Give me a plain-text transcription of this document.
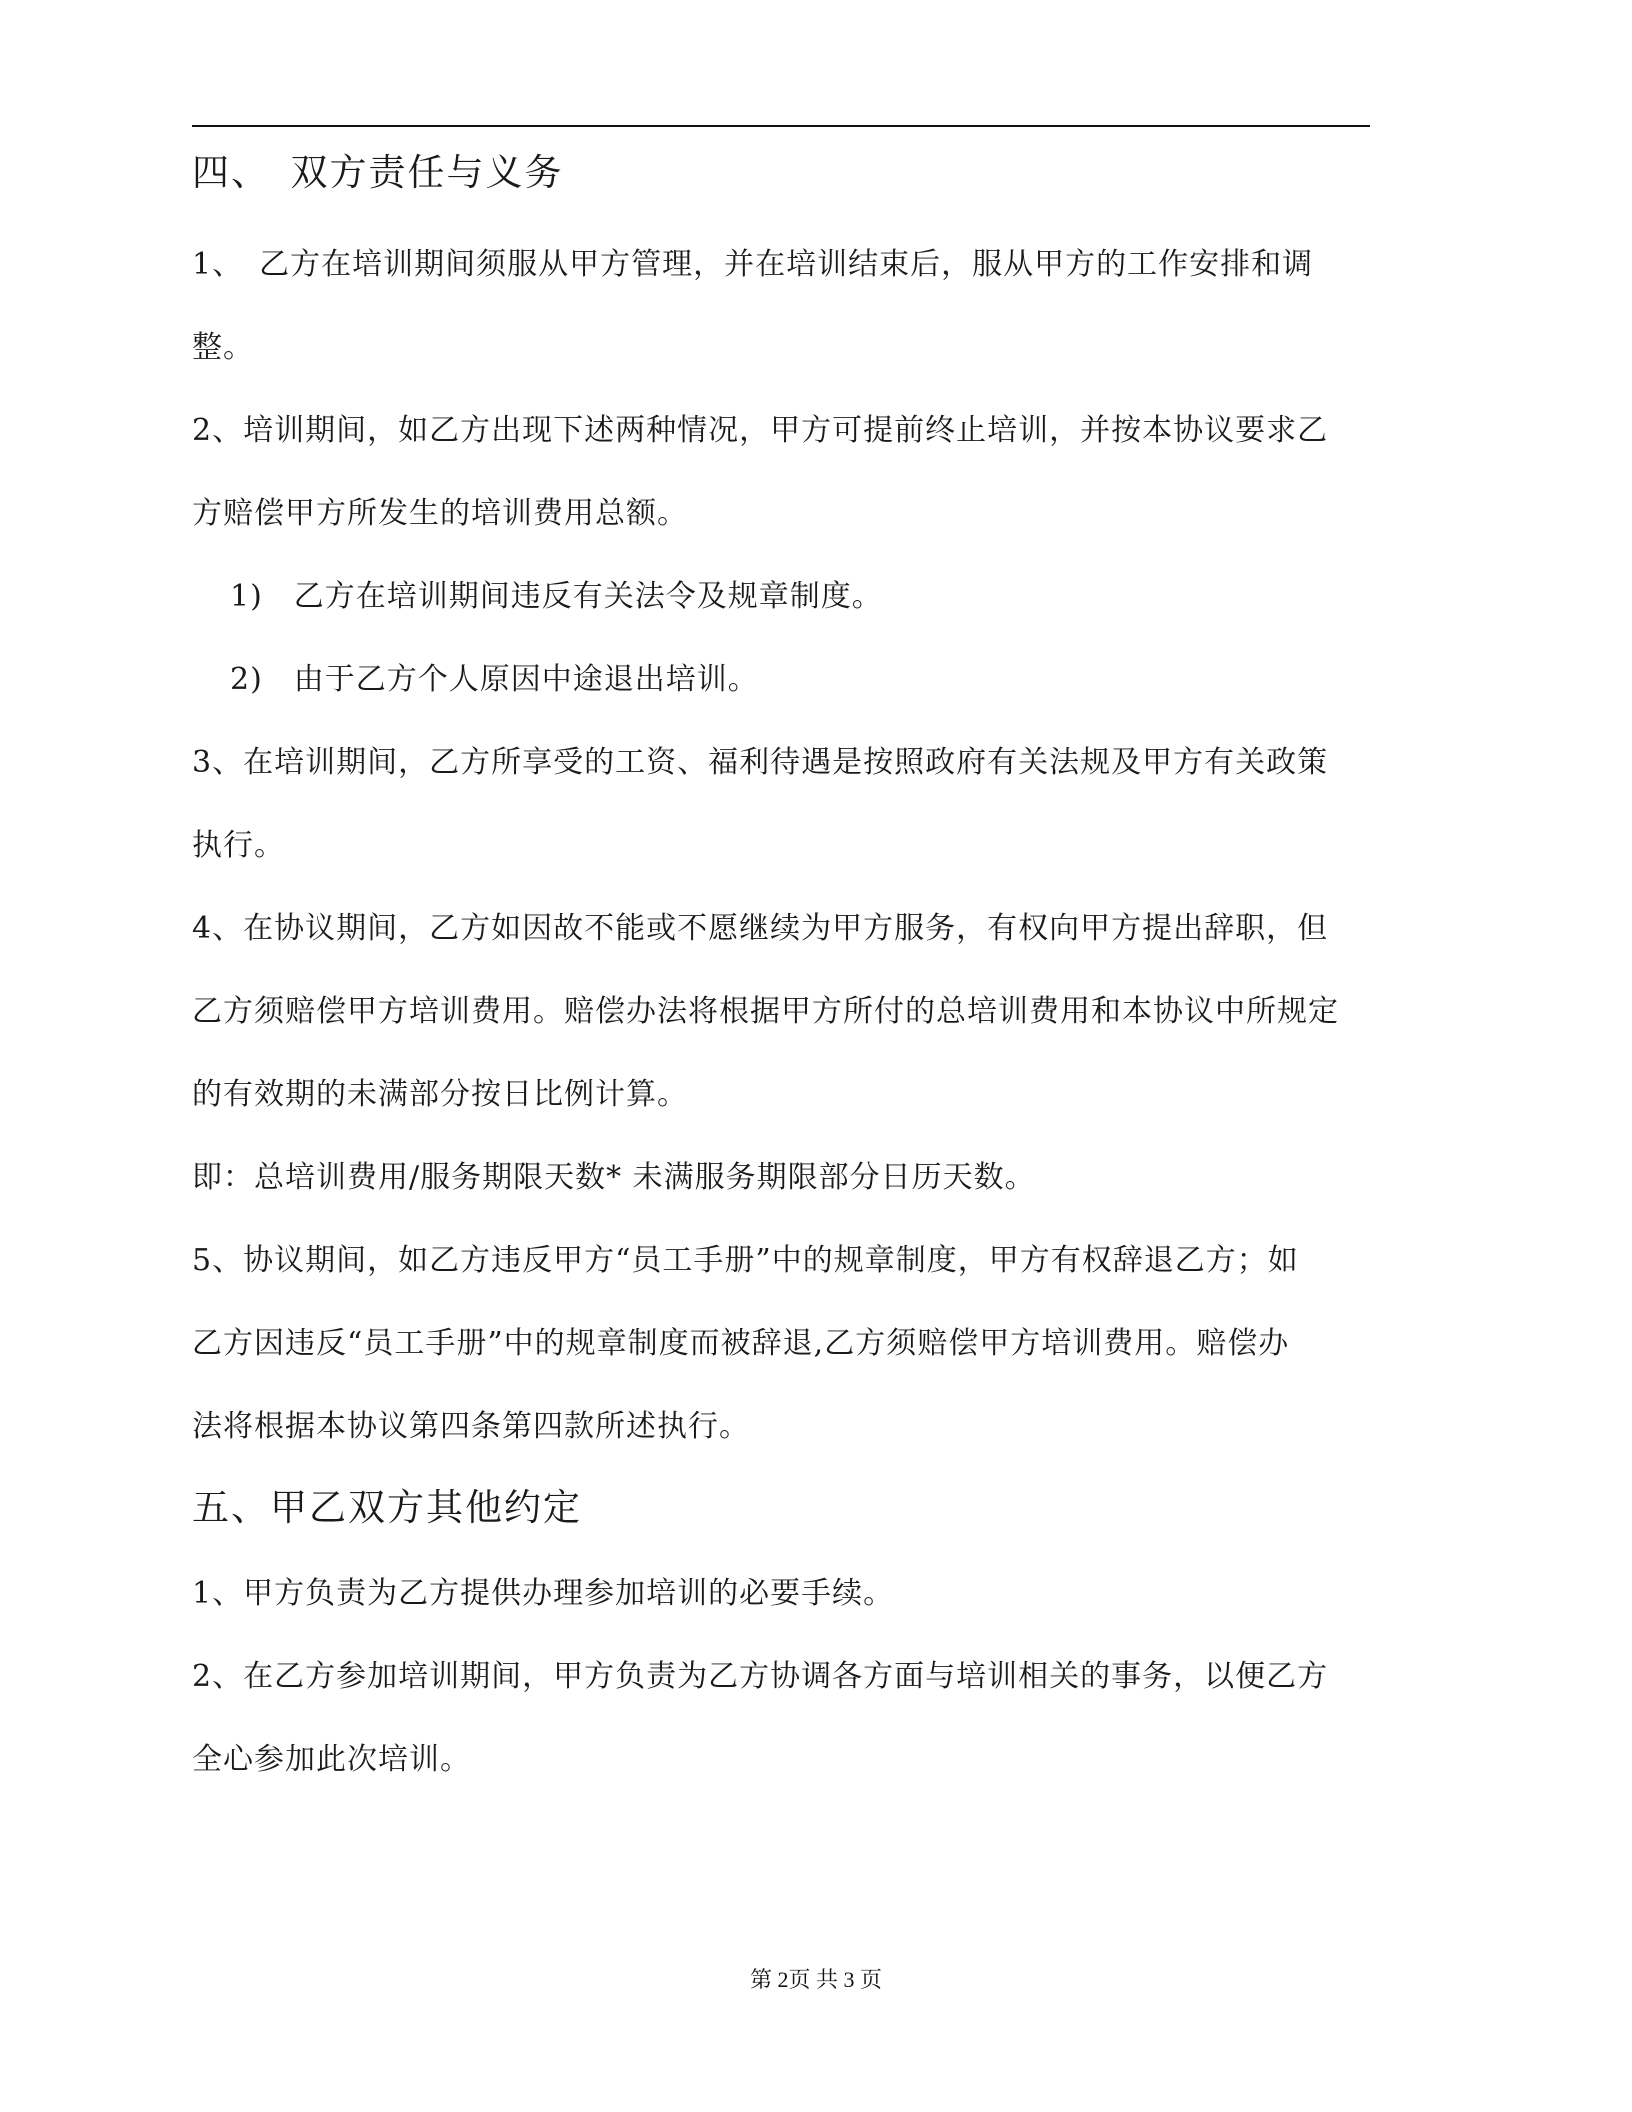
四、　双方责任与义务
1、　乙方在培训期间须服从甲方管理，并在培训结束后，服从甲方的工作安排和调
整。
2、培训期间，如乙方出现下述两种情况，甲方可提前终止培训，并按本协议要求乙
方赔偿甲方所发生的培训费用总额。
1)　乙方在培训期间违反有关法令及规章制度。
2)　由于乙方个人原因中途退出培训。
3、在培训期间，乙方所享受的工资、福利待遇是按照政府有关法规及甲方有关政策
执行。
4、在协议期间，乙方如因故不能或不愿继续为甲方服务，有权向甲方提出辞职，但
乙方须赔偿甲方培训费用。赔偿办法将根据甲方所付的总培训费用和本协议中所规定
的有效期的未满部分按日比例计算。
即：总培训费用/服务期限天数* 未满服务期限部分日历天数。
5、协议期间，如乙方违反甲方“员工手册”中的规章制度，甲方有权辞退乙方；如
乙方因违反“员工手册”中的规章制度而被辞退,乙方须赔偿甲方培训费用。赔偿办
法将根据本协议第四条第四款所述执行。
五、甲乙双方其他约定
1、甲方负责为乙方提供办理参加培训的必要手续。
2、在乙方参加培训期间，甲方负责为乙方协调各方面与培训相关的事务，以便乙方
全心参加此次培训。
第 2页 共 3 页
